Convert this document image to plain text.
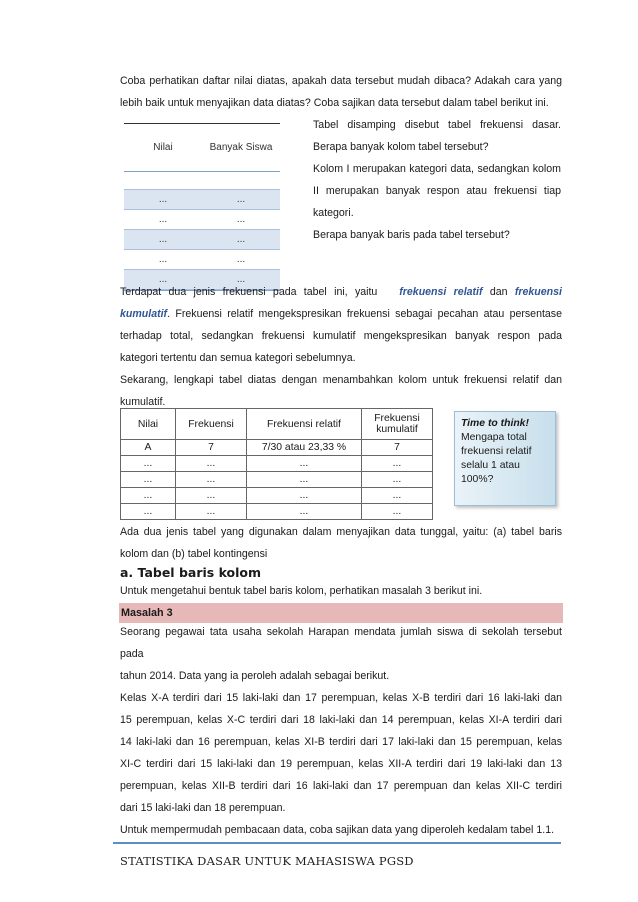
Coba perhatikan daftar nilai diatas, apakah data tersebut mudah dibaca? Adakah cara yang
lebih baik untuk menyajikan data diatas? Coba sajikan data tersebut dalam tabel berikut ini.
Nilai	Banyak Siswa
...	...
...	...
...	...
...	...
...	...
Tabel disamping disebut tabel frekuensi dasar.
Berapa banyak kolom tabel tersebut?
Kolom I merupakan kategori data, sedangkan kolom
II merupakan banyak respon atau frekuensi tiap
kategori.
Berapa banyak baris pada tabel tersebut?
Terdapat dua jenis frekuensi pada tabel ini, yaitu frekuensi relatif dan frekuensi
kumulatif. Frekuensi relatif mengekspresikan frekuensi sebagai pecahan atau persentase
terhadap total, sedangkan frekuensi kumulatif mengekspresikan banyak respon pada
kategori tertentu dan semua kategori sebelumnya.
Sekarang, lengkapi tabel diatas dengan menambahkan kolom untuk frekuensi relatif dan
kumulatif.
Nilai	Frekuensi	Frekuensi relatif	Frekuensi kumulatif
A	7	7/30 atau 23,33 %	7
...	...	...	...
...	...	...	...
...	...	...	...
...	...	...	...
Time to think!
Mengapa total frekuensi relatif selalu 1 atau 100%?
Ada dua jenis tabel yang digunakan dalam menyajikan data tunggal, yaitu: (a) tabel baris
kolom dan (b) tabel kontingensi
a. Tabel baris kolom
Untuk mengetahui bentuk tabel baris kolom, perhatikan masalah 3 berikut ini.
Masalah 3
Seorang pegawai tata usaha sekolah Harapan mendata jumlah siswa di sekolah tersebut pada
tahun 2014. Data yang ia peroleh adalah sebagai berikut.
Kelas X-A terdiri dari 15 laki-laki dan 17 perempuan, kelas X-B terdiri dari 16 laki-laki dan
15 perempuan, kelas X-C terdiri dari 18 laki-laki dan 14 perempuan, kelas XI-A terdiri dari
14 laki-laki dan 16 perempuan, kelas XI-B terdiri dari 17 laki-laki dan 15 perempuan, kelas
XI-C terdiri dari 15 laki-laki dan 19 perempuan, kelas XII-A terdiri dari 19 laki-laki dan 13
perempuan, kelas XII-B terdiri dari 16 laki-laki dan 17 perempuan dan kelas XII-C terdiri
dari 15 laki-laki dan 18 perempuan.
Untuk mempermudah pembacaan data, coba sajikan data yang diperoleh kedalam tabel 1.1.
STATISTIKA DASAR UNTUK MAHASISWA PGSD
